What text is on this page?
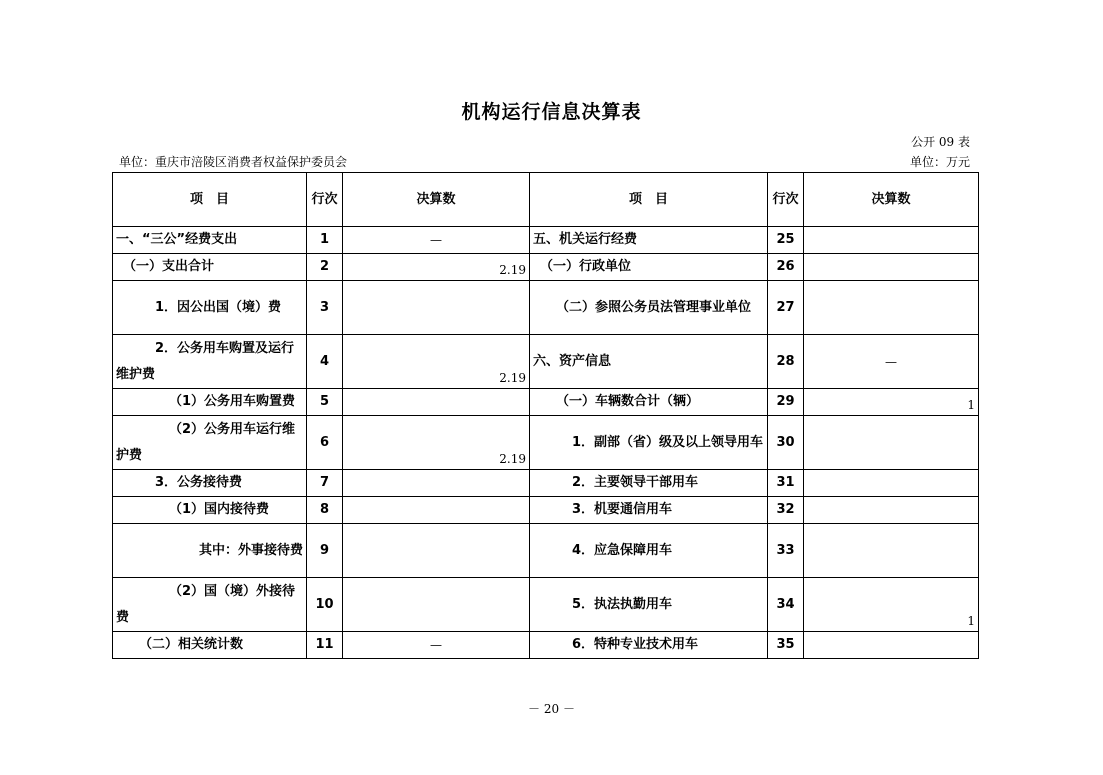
机构运行信息决算表
公开 09 表
单位：重庆市涪陵区消费者权益保护委员会	单位：万元
项　目	行次	决算数	项　目	行次	决算数
一、“三公”经费支出	1	—	五、机关运行经费	25	
（一）支出合计	2	2.19	（一）行政单位	26	
1．因公出国（境）费	3		（二）参照公务员法管理事业单位	27	
2．公务用车购置及运行维护费	4	2.19	六、资产信息	28	—
（1）公务用车购置费	5		（一）车辆数合计（辆）	29	1
（2）公务用车运行维护费	6	2.19	1．副部（省）级及以上领导用车	30	
3．公务接待费	7		2．主要领导干部用车	31	
（1）国内接待费	8		3．机要通信用车	32	
其中：外事接待费	9		4．应急保障用车	33	
（2）国（境）外接待费	10		5．执法执勤用车	34	1
（二）相关统计数	11	—	6．特种专业技术用车	35	
－ 20 －
